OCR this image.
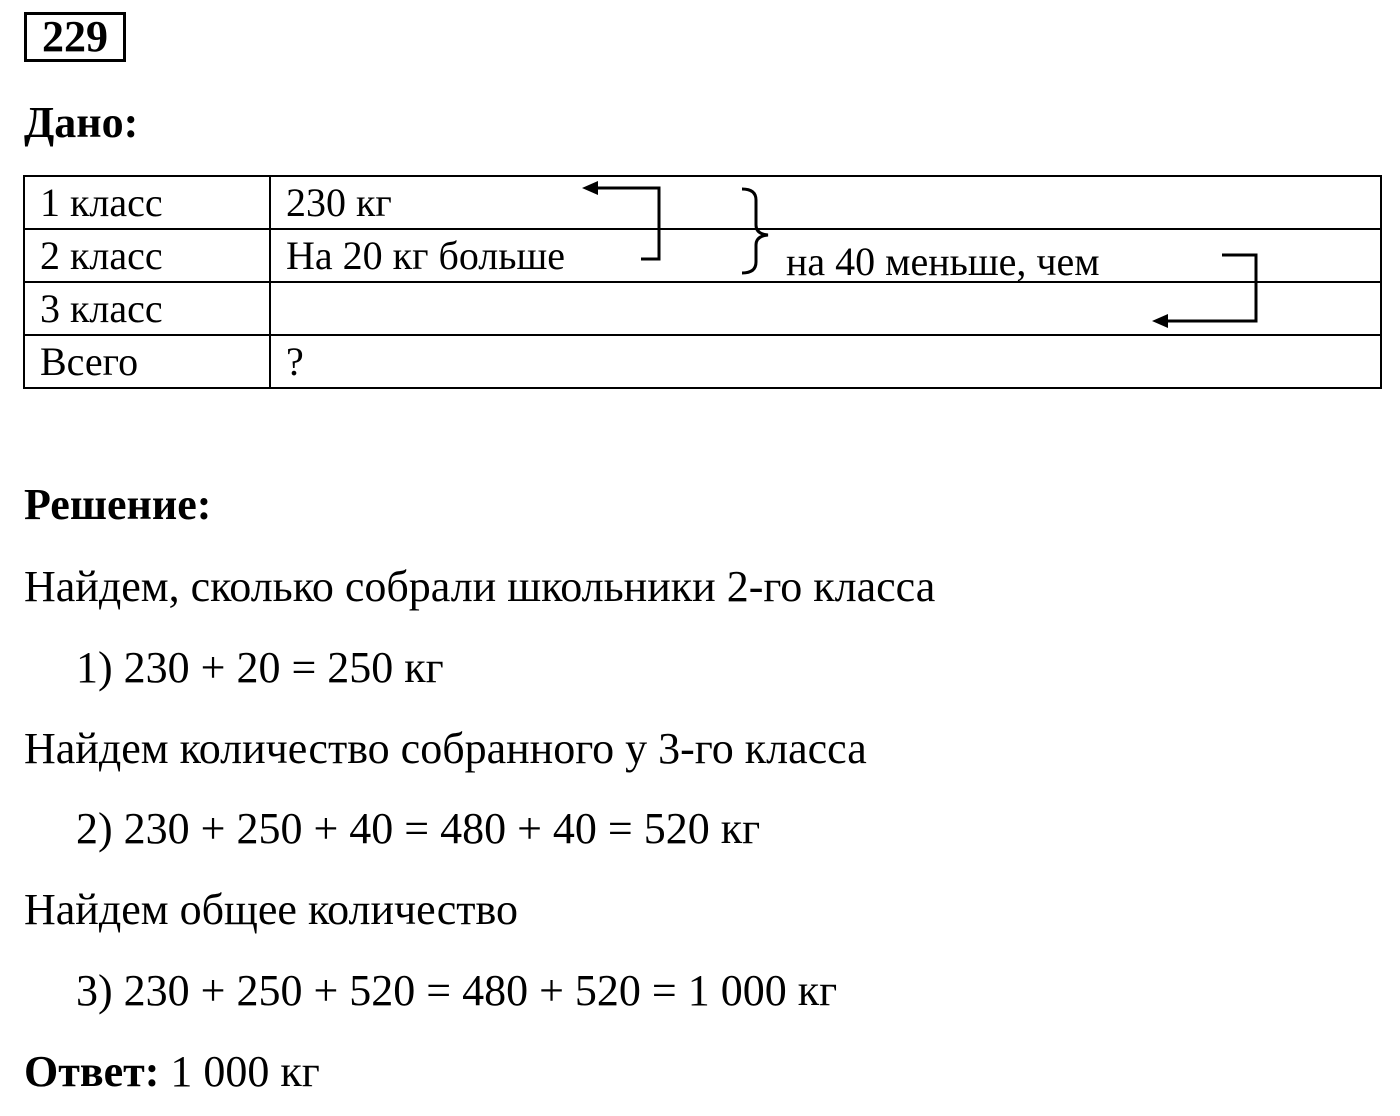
229
Дано:
1 класс	230 кг
2 класс	На 20 кг больше
3 класс	
Всего	?
на 40 меньше, чем
Решение:
Найдем, сколько собрали школьники 2-го класса
1) 230 + 20 = 250 кг
Найдем количество собранного у 3-го класса
2) 230 + 250 + 40 = 480 + 40 = 520 кг
Найдем общее количество
3) 230 + 250 + 520 = 480 + 520 = 1 000 кг
Ответ: 1 000 кг
